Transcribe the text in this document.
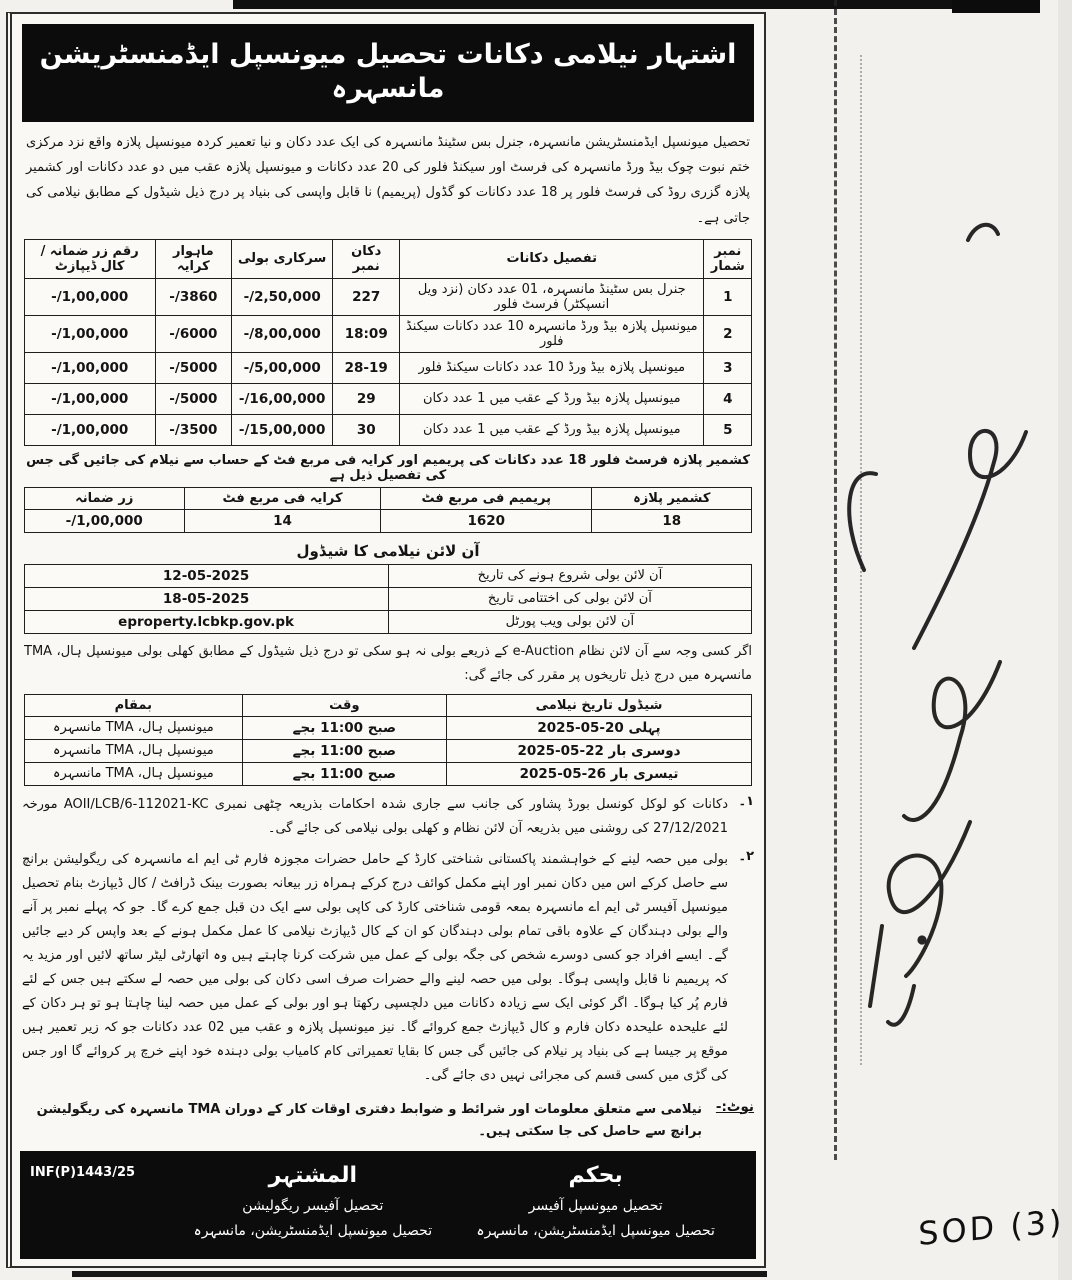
اشتہار نیلامی دکانات تحصیل میونسپل ایڈمنسٹریشن مانسہرہ
تحصیل میونسپل ایڈمنسٹریشن مانسہرہ، جنرل بس سٹینڈ مانسہرہ کی ایک عدد دکان و نیا تعمیر کردہ میونسپل پلازہ واقع نزد مرکزی ختم نبوت چوک بیڈ ورڈ مانسہرہ کی فرسٹ اور سیکنڈ فلور کی 20 عدد دکانات و میونسپل پلازہ عقب میں دو عدد دکانات اور کشمیر پلازہ گزری روڈ کی فرسٹ فلور پر 18 عدد دکانات کو گڈول (پریمیم) نا قابل واپسی کی بنیاد پر درج ذیل شیڈول کے مطابق نیلامی کی جاتی ہے۔
نمبر شمار	تفصیل دکانات	دکان نمبر	سرکاری بولی	ماہوار کرایہ	رقم زر ضمانہ / کال ڈیپازٹ
1	جنرل بس سٹینڈ مانسہرہ، 01 عدد دکان (نزد ویل انسپکٹر) فرسٹ فلور	227	2,50,000/-	3860/-	1,00,000/-
2	میونسپل پلازہ بیڈ ورڈ مانسہرہ 10 عدد دکانات سیکنڈ فلور	18:09	8,00,000/-	6000/-	1,00,000/-
3	میونسپل پلازہ بیڈ ورڈ 10 عدد دکانات سیکنڈ فلور	28-19	5,00,000/-	5000/-	1,00,000/-
4	میونسپل پلازہ بیڈ ورڈ کے عقب میں 1 عدد دکان	29	16,00,000/-	5000/-	1,00,000/-
5	میونسپل پلازہ بیڈ ورڈ کے عقب میں 1 عدد دکان	30	15,00,000/-	3500/-	1,00,000/-
کشمیر پلازہ فرسٹ فلور 18 عدد دکانات کی پریمیم اور کرایہ فی مربع فٹ کے حساب سے نیلام کی جائیں گی جس کی تفصیل ذیل ہے
کشمیر پلازہ	پریمیم فی مربع فٹ	کرایہ فی مربع فٹ	زر ضمانہ
18	1620	14	1,00,000/-
آن لائن نیلامی کا شیڈول
آن لائن بولی شروع ہونے کی تاریخ	12-05-2025
آن لائن بولی کی اختتامی تاریخ	18-05-2025
آن لائن بولی ویب پورٹل	eproperty.lcbkp.gov.pk
اگر کسی وجہ سے آن لائن نظام e-Auction کے ذریعے بولی نہ ہو سکی تو درج ذیل شیڈول کے مطابق کھلی بولی میونسپل ہال، TMA مانسہرہ میں درج ذیل تاریخوں پر مقرر کی جائے گی:
شیڈول تاریخ نیلامی	وقت	بمقام
پہلی 20-05-2025	صبح 11:00 بجے	میونسپل ہال، TMA مانسہرہ
دوسری بار 22-05-2025	صبح 11:00 بجے	میونسپل ہال، TMA مانسہرہ
تیسری بار 26-05-2025	صبح 11:00 بجے	میونسپل ہال، TMA مانسہرہ
۱۔
دکانات کو لوکل کونسل بورڈ پشاور کی جانب سے جاری شدہ احکامات بذریعہ چٹھی نمبری AOII/LCB/6-112021-KC مورخہ 27/12/2021 کی روشنی میں بذریعہ آن لائن نظام و کھلی بولی نیلامی کی جائے گی۔
۲۔
بولی میں حصہ لینے کے خواہشمند پاکستانی شناختی کارڈ کے حامل حضرات مجوزہ فارم ٹی ایم اے مانسہرہ کی ریگولیشن برانچ سے حاصل کرکے اس میں دکان نمبر اور اپنے مکمل کوائف درج کرکے ہمراہ زر بیعانہ بصورت بینک ڈرافٹ / کال ڈیپازٹ بنام تحصیل میونسپل آفیسر ٹی ایم اے مانسہرہ بمعہ قومی شناختی کارڈ کی کاپی بولی سے ایک دن قبل جمع کرے گا۔ جو کہ پہلے نمبر پر آنے والے بولی دہندگان کے علاوہ باقی تمام بولی دہندگان کو ان کے کال ڈیپازٹ نیلامی کا عمل مکمل ہونے کے بعد واپس کر دیے جائیں گے۔ ایسے افراد جو کسی دوسرے شخص کی جگہ بولی کے عمل میں شرکت کرنا چاہتے ہیں وہ اتھارٹی لیٹر ساتھ لائیں اور مزید یہ کہ پریمیم نا قابل واپسی ہوگا۔ بولی میں حصہ لینے والے حضرات صرف اسی دکان کی بولی میں حصہ لے سکتے ہیں جس کے لئے فارم پُر کیا ہوگا۔ اگر کوئی ایک سے زیادہ دکانات میں دلچسپی رکھتا ہو اور بولی کے عمل میں حصہ لینا چاہتا ہو تو ہر دکان کے لئے علیحدہ علیحدہ دکان فارم و کال ڈیپازٹ جمع کروائے گا۔ نیز میونسپل پلازہ و عقب میں 02 عدد دکانات جو کہ زیر تعمیر ہیں موقع پر جیسا ہے کی بنیاد پر نیلام کی جائیں گی جس کا بقایا تعمیراتی کام کامیاب بولی دہندہ خود اپنے خرچ پر کروائے گا اور جس کی گڑی میں کسی قسم کی مجرائی نہیں دی جائے گی۔
نوٹ:-
نیلامی سے متعلق معلومات اور شرائط و ضوابط دفتری اوقات کار کے دوران TMA مانسہرہ کی ریگولیشن برانچ سے حاصل کی جا سکتی ہیں۔
بحکم
تحصیل میونسپل آفیسر
تحصیل میونسپل ایڈمنسٹریشن، مانسہرہ
المشتہر
تحصیل آفیسر ریگولیشن
تحصیل میونسپل ایڈمنسٹریشن، مانسہرہ
INF(P)1443/25
SOD (3)
